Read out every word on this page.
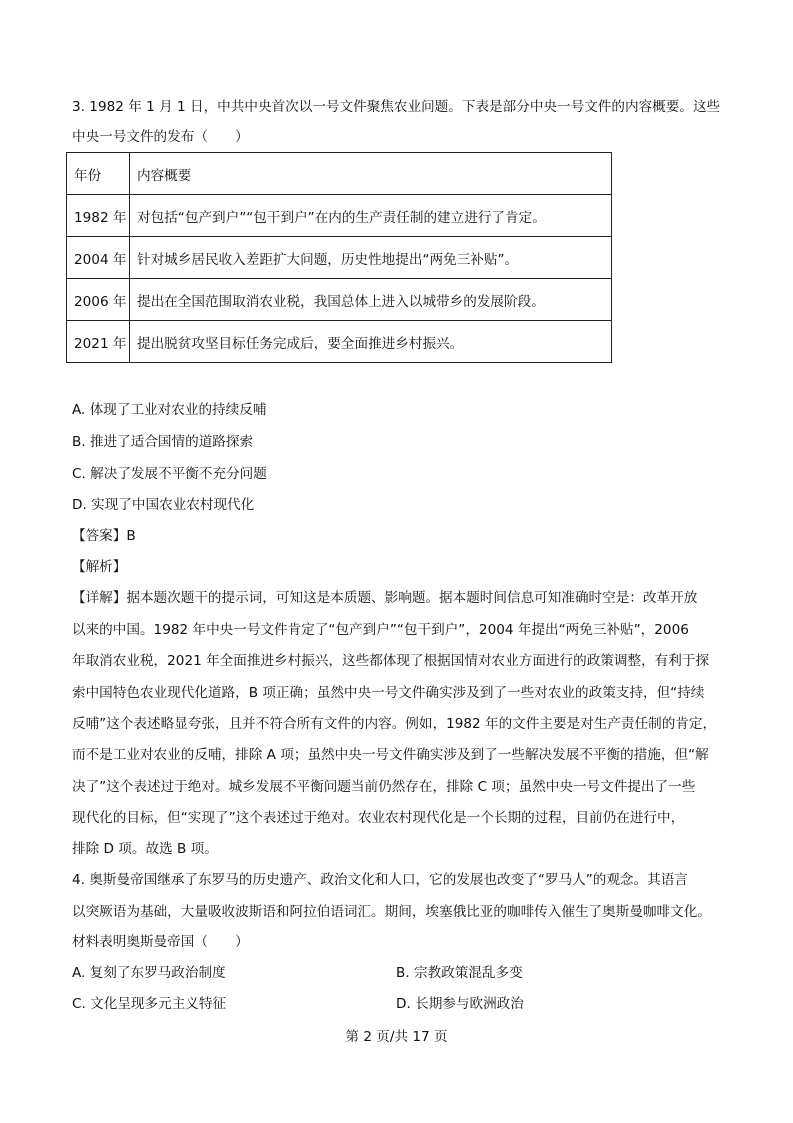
3. 1982 年 1 月 1 日，中共中央首次以一号文件聚焦农业问题。下表是部分中央一号文件的内容概要。这些
中央一号文件的发布（　　）
年份	内容概要
1982 年	对包括“包产到户”“包干到户”在内的生产责任制的建立进行了肯定。
2004 年	针对城乡居民收入差距扩大问题，历史性地提出“两免三补贴”。
2006 年	提出在全国范围取消农业税，我国总体上进入以城带乡的发展阶段。
2021 年	提出脱贫攻坚目标任务完成后，要全面推进乡村振兴。
A. 体现了工业对农业的持续反哺
B. 推进了适合国情的道路探索
C. 解决了发展不平衡不充分问题
D. 实现了中国农业农村现代化
【答案】B
【解析】
【详解】据本题次题干的提示词，可知这是本质题、影响题。据本题时间信息可知准确时空是：改革开放
以来的中国。1982 年中央一号文件肯定了“包产到户”“包干到户”，2004 年提出“两免三补贴”，2006
年取消农业税，2021 年全面推进乡村振兴，这些都体现了根据国情对农业方面进行的政策调整，有利于探
索中国特色农业现代化道路，B 项正确；虽然中央一号文件确实涉及到了一些对农业的政策支持，但“持续
反哺”这个表述略显夸张，且并不符合所有文件的内容。例如，1982 年的文件主要是对生产责任制的肯定，
而不是工业对农业的反哺，排除 A 项；虽然中央一号文件确实涉及到了一些解决发展不平衡的措施，但“解
决了”这个表述过于绝对。城乡发展不平衡问题当前仍然存在，排除 C 项；虽然中央一号文件提出了一些
现代化的目标，但“实现了”这个表述过于绝对。农业农村现代化是一个长期的过程，目前仍在进行中，
排除 D 项。故选 B 项。
4. 奥斯曼帝国继承了东罗马的历史遗产、政治文化和人口，它的发展也改变了“罗马人”的观念。其语言
以突厥语为基础，大量吸收波斯语和阿拉伯语词汇。期间，埃塞俄比亚的咖啡传入催生了奥斯曼咖啡文化。
材料表明奥斯曼帝国（　　）
A. 复刻了东罗马政治制度	B. 宗教政策混乱多变
C. 文化呈现多元主义特征	D. 长期参与欧洲政治
第 2 页/共 17 页
